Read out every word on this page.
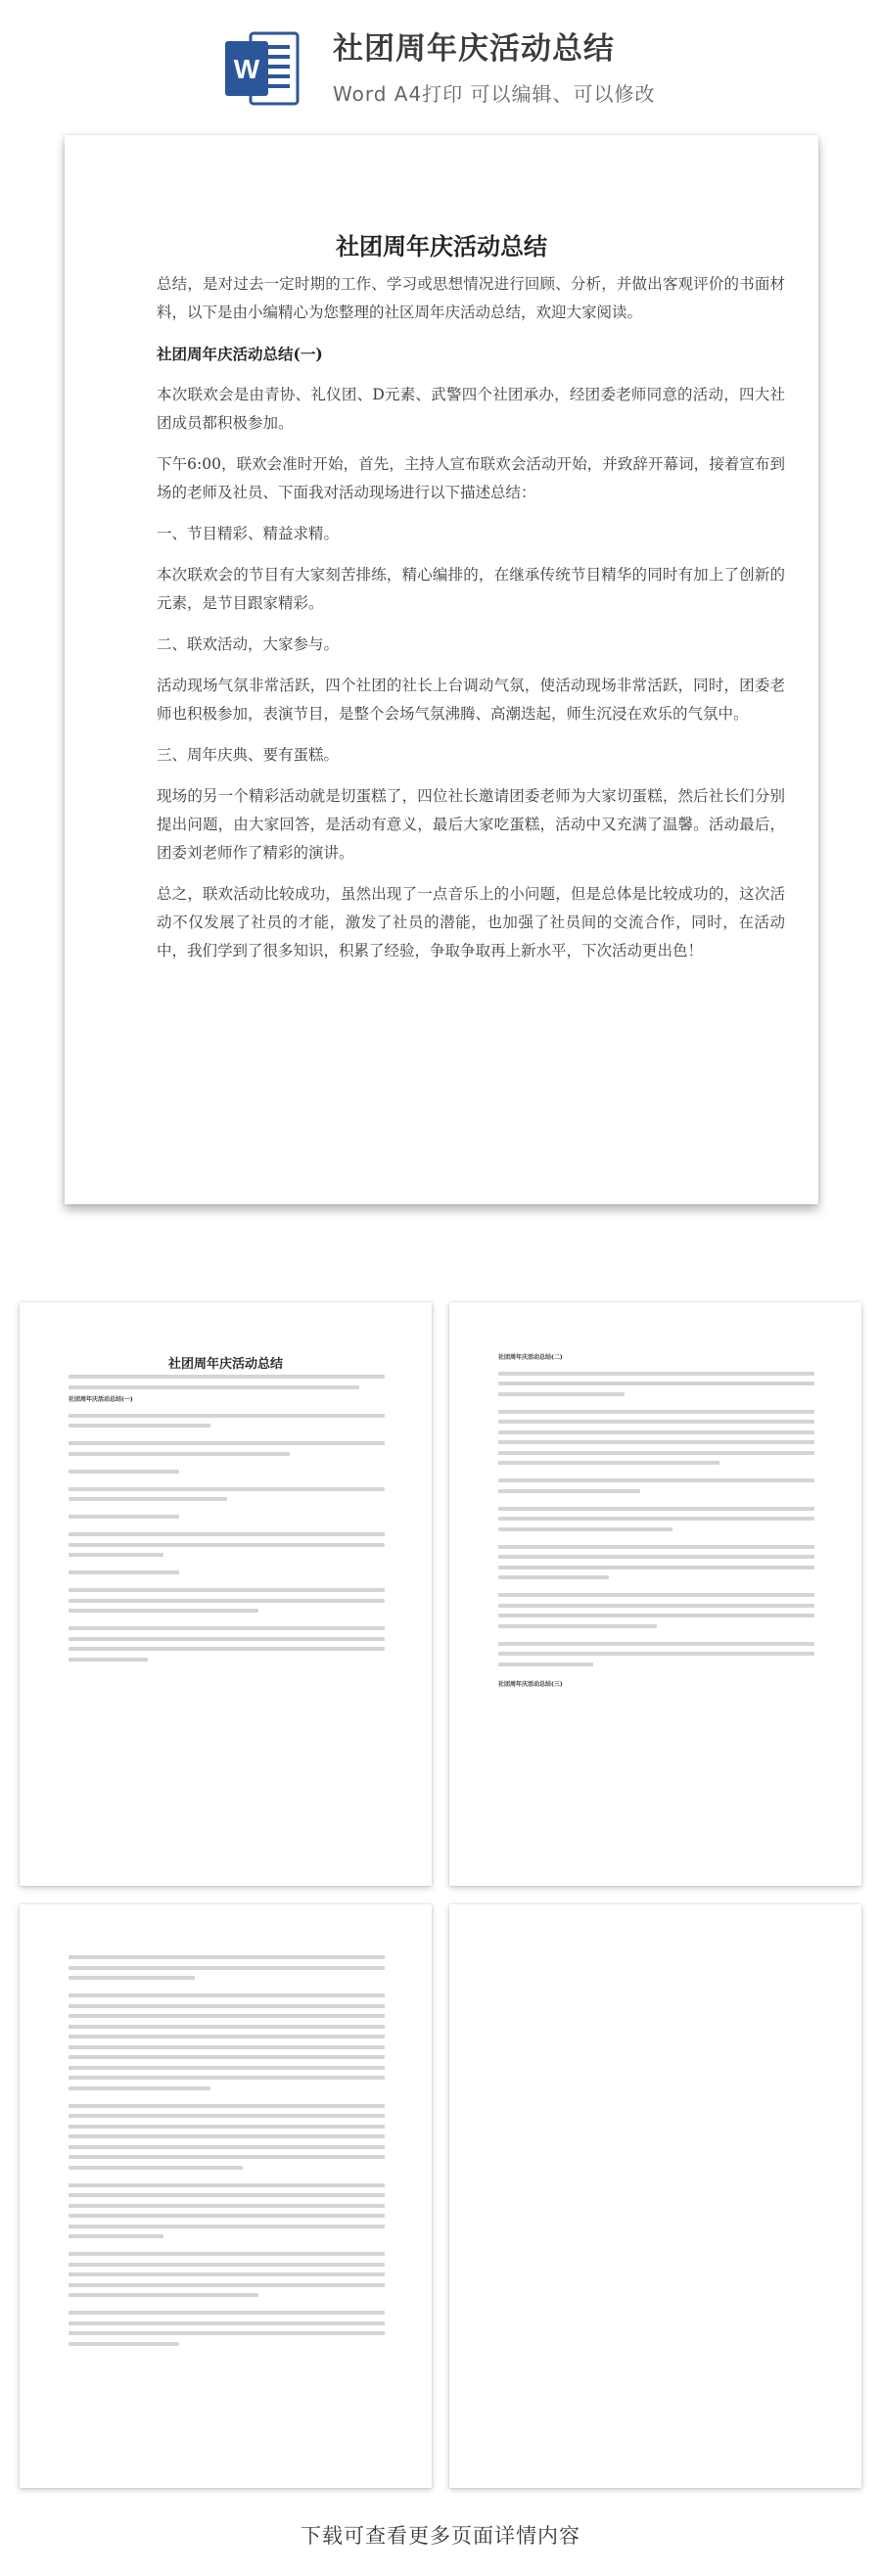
W
社团周年庆活动总结
Word A4打印 可以编辑、可以修改
社团周年庆活动总结

总结，是对过去一定时期的工作、学习或思想情况进行回顾、分析，并做出客观评价的书面材料，以下是由小编精心为您整理的社区周年庆活动总结，欢迎大家阅读。

社团周年庆活动总结(一)

本次联欢会是由青协、礼仪团、D元素、武警四个社团承办，经团委老师同意的活动，四大社团成员都积极参加。

下午6:00，联欢会准时开始，首先，主持人宣布联欢会活动开始，并致辞开幕词，接着宣布到场的老师及社员、下面我对活动现场进行以下描述总结：

一、节目精彩、精益求精。

本次联欢会的节目有大家刻苦排练，精心编排的，在继承传统节目精华的同时有加上了创新的元素，是节目跟家精彩。

二、联欢活动，大家参与。

活动现场气氛非常活跃，四个社团的社长上台调动气氛，使活动现场非常活跃，同时，团委老师也积极参加，表演节目，是整个会场气氛沸腾、高潮迭起，师生沉浸在欢乐的气氛中。

三、周年庆典、要有蛋糕。

现场的另一个精彩活动就是切蛋糕了，四位社长邀请团委老师为大家切蛋糕，然后社长们分别提出问题，由大家回答，是活动有意义，最后大家吃蛋糕，活动中又充满了温馨。活动最后，团委刘老师作了精彩的演讲。

总之，联欢活动比较成功，虽然出现了一点音乐上的小问题，但是总体是比较成功的，这次活动不仅发展了社员的才能，激发了社员的潜能，也加强了社员间的交流合作，同时，在活动中，我们学到了很多知识，积累了经验，争取争取再上新水平，下次活动更出色！

社团周年庆活动总结
社团周年庆活动总结(一)
社团周年庆活动总结(二)
社团周年庆活动总结(三)
下载可查看更多页面详情内容
